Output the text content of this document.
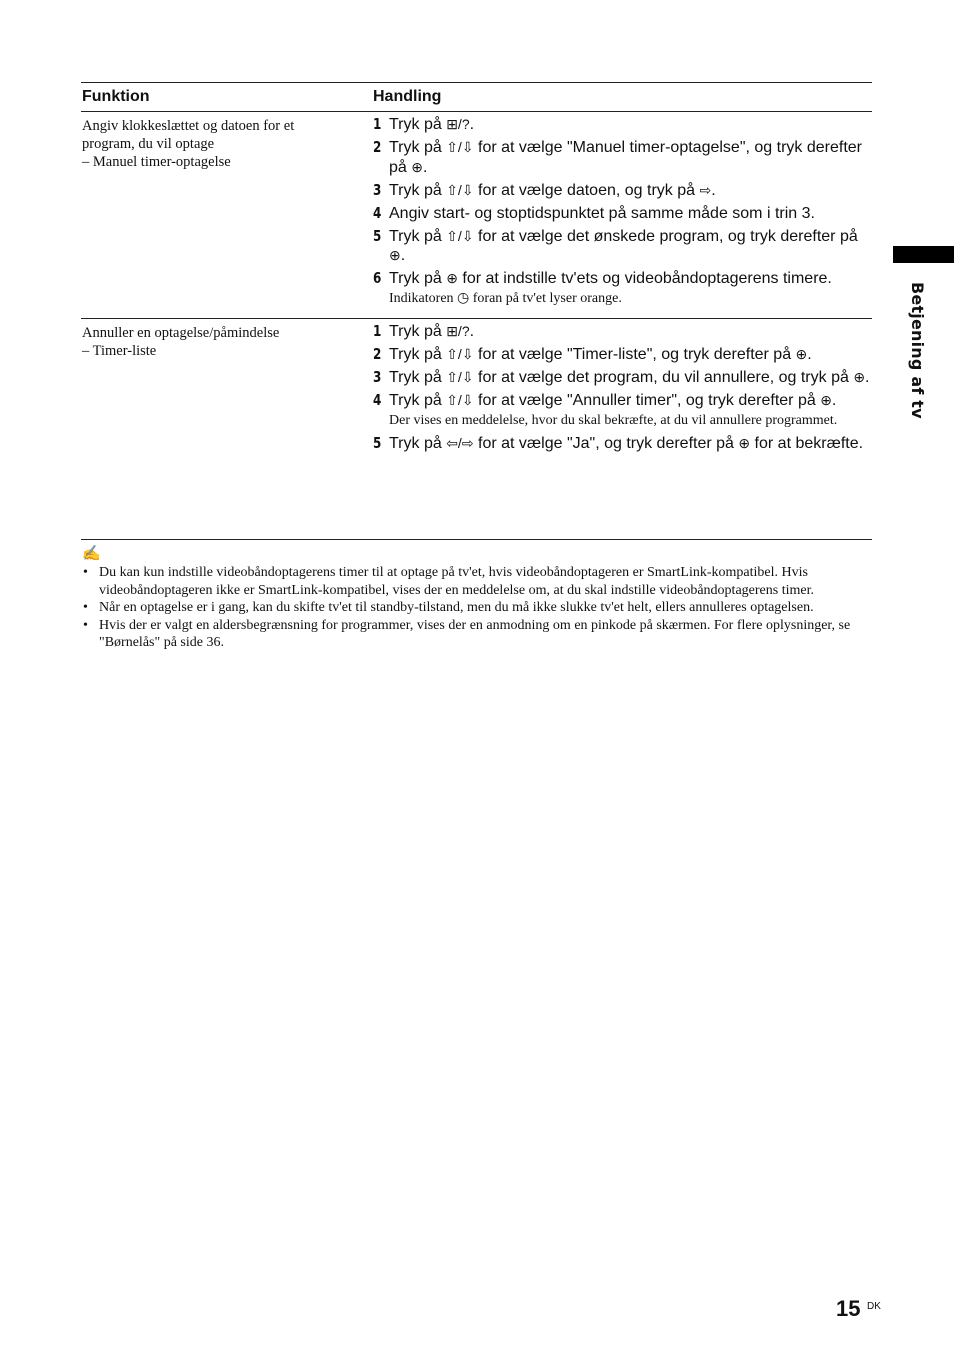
Funktion	Handling
Angiv klokkeslættet og datoen for et
program, du vil optage
– Manuel timer-optagelse
1 Tryk på ⊞/?.
2 Tryk på ⇧/⇩ for at vælge "Manuel timer-optagelse", og tryk derefter på ⊕.
3 Tryk på ⇧/⇩ for at vælge datoen, og tryk på ⇨.
4 Angiv start- og stoptidspunktet på samme måde som i trin 3.
5 Tryk på ⇧/⇩ for at vælge det ønskede program, og tryk derefter på ⊕.
6 Tryk på ⊕ for at indstille tv'ets og videobåndoptagerens timere.
Indikatoren ◷ foran på tv'et lyser orange.
Annuller en optagelse/påmindelse
– Timer-liste
1 Tryk på ⊞/?.
2 Tryk på ⇧/⇩ for at vælge "Timer-liste", og tryk derefter på ⊕.
3 Tryk på ⇧/⇩ for at vælge det program, du vil annullere, og tryk på ⊕.
4 Tryk på ⇧/⇩ for at vælge "Annuller timer", og tryk derefter på ⊕.
Der vises en meddelelse, hvor du skal bekræfte, at du vil annullere programmet.
5 Tryk på ⇦/⇨ for at vælge "Ja", og tryk derefter på ⊕ for at bekræfte.
✍
• Du kan kun indstille videobåndoptagerens timer til at optage på tv'et, hvis videobåndoptageren er SmartLink-kompatibel. Hvis videobåndoptageren ikke er SmartLink-kompatibel, vises der en meddelelse om, at du skal indstille videobåndoptagerens timer.
• Når en optagelse er i gang, kan du skifte tv'et til standby-tilstand, men du må ikke slukke tv'et helt, ellers annulleres optagelsen.
• Hvis der er valgt en aldersbegrænsning for programmer, vises der en anmodning om en pinkode på skærmen. For flere oplysninger, se "Børnelås" på side 36.
Betjening af tv
15 DK
